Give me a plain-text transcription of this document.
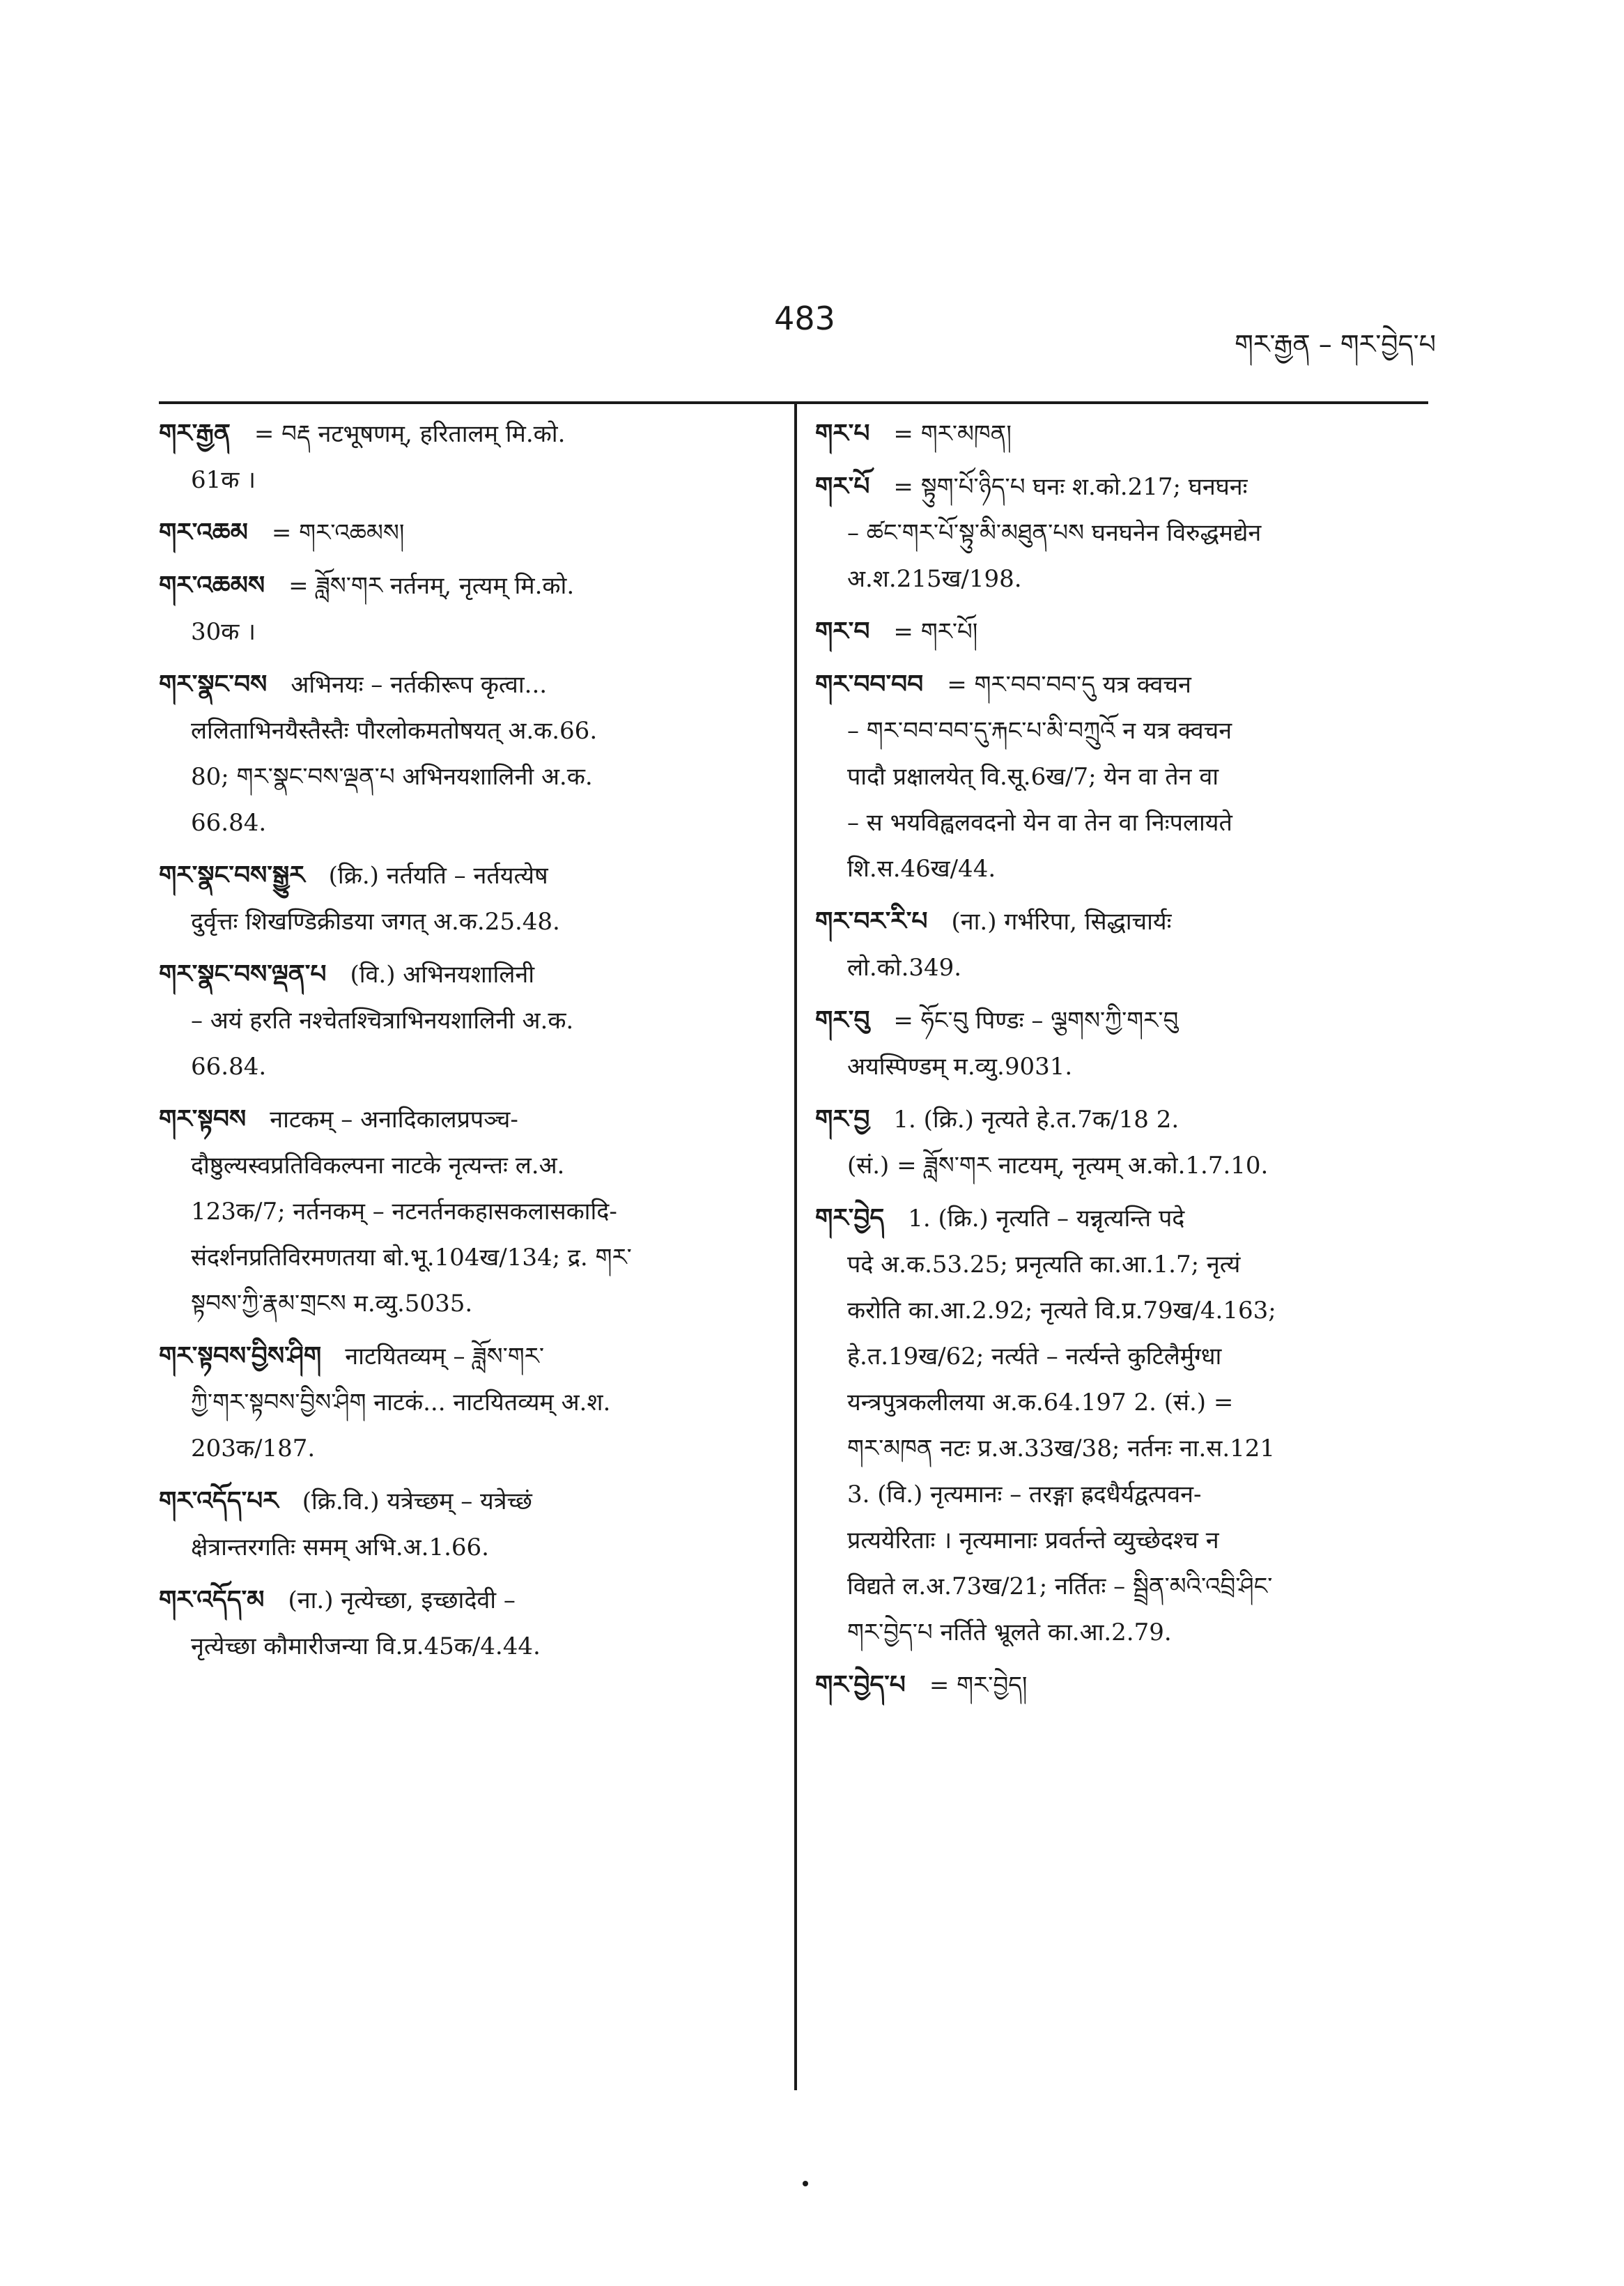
483
གར་རྒྱན – གར་བྱེད་པ
གར་རྒྱན = བརྡ नटभूषणम्, हरितालम् मि.को.
61क ।
གར་འཆམ = གར་འཆམས།
གར་འཆམས = ཟློས་གར नर्तनम्, नृत्यम् मि.को.
30क ।
གར་སྣང་བས अभिनयः – नर्तकीरूप कृत्वा...
ललिताभिनयैस्तैस्तैः पौरलोकमतोषयत् अ.क.66.
80; གར་སྣང་བས་ལྡན་པ अभिनयशालिनी अ.क.
66.84.
གར་སྣང་བས་སྒྱུར (क्रि.) नर्तयति – नर्तयत्येष
दुर्वृत्तः शिखण्डिक्रीडया जगत् अ.क.25.48.
གར་སྣང་བས་ལྡན་པ (वि.) अभिनयशालिनी
– अयं हरति नश्चेतश्चित्राभिनयशालिनी अ.क.
66.84.
གར་སྟབས नाटकम् – अनादिकालप्रपञ्च-
दौष्ठुल्यस्वप्रतिविकल्पना नाटके नृत्यन्तः ल.अ.
123क/7; नर्तनकम् – नटनर्तनकहासकलासकादि-
संदर्शनप्रतिविरमणतया बो.भू.104ख/134; द्र. གར་
སྟབས་ཀྱི་རྣམ་གྲངས म.व्यु.5035.
གར་སྟབས་བྱིས་ཤིག नाटयितव्यम् – ཟློས་གར་
ཀྱི་གར་སྟབས་བྱིས་ཤིག नाटकं... नाटयितव्यम् अ.श.
203क/187.
གར་འདོད་པར (क्रि.वि.) यत्रेच्छम् – यत्रेच्छं
क्षेत्रान्तरगतिः समम् अभि.अ.1.66.
གར་འདོད་མ (ना.) नृत्येच्छा, इच्छादेवी –
नृत्येच्छा कौमारीजन्या वि.प्र.45क/4.44.
གར་པ = གར་མཁན།
གར་པོ = སྟུག་པོ་ཉིད་པ घनः श.को.217; घनघनः
– ཚང་གར་པོ་སྟུ་མི་མཐུན་པས घनघनेन विरुद्धमद्येन
अ.श.215ख/198.
གར་བ = གར་པོ།
གར་བབ་བབ = གར་བབ་བབ་དུ यत्र क्वचन
– གར་བབ་བབ་དུ་རྐང་པ་མི་བཀྲུའོ न यत्र क्वचन
पादौ प्रक्षालयेत् वि.सू.6ख/7; येन वा तेन वा
– स भयविह्वलवदनो येन वा तेन वा निःपलायते
शि.स.46ख/44.
གར་བར་རི་པ (ना.) गर्भरिपा, सिद्धाचार्यः
लो.को.349.
གར་བུ = ཧོང་བུ पिण्डः – ལྕགས་ཀྱི་གར་བུ
अयस्पिण्डम् म.व्यु.9031.
གར་བྱ 1. (क्रि.) नृत्यते हे.त.7क/18 2.
(सं.) = ཟློས་གར नाटयम्, नृत्यम् अ.को.1.7.10.
གར་བྱེད 1. (क्रि.) नृत्यति – यन्नृत्यन्ति पदे
पदे अ.क.53.25; प्रनृत्यति का.आ.1.7; नृत्यं
करोति का.आ.2.92; नृत्यते वि.प्र.79ख/4.163;
हे.त.19ख/62; नर्त्यते – नर्त्यन्ते कुटिलैर्मुग्धा
यन्त्रपुत्रकलीलया अ.क.64.197 2. (सं.) =
གར་མཁན नटः प्र.अ.33ख/38; नर्तनः ना.स.121
3. (वि.) नृत्यमानः – तरङ्गा ह्रदधैर्यद्वत्पवन-
प्रत्ययेरिताः । नृत्यमानाः प्रवर्तन्ते व्युच्छेदश्च न
विद्यते ल.अ.73ख/21; नर्तितः – སྦྲིན་མའི་འབྲི་ཤིང་
གར་བྱེད་པ नर्तिते भ्रूलते का.आ.2.79.
གར་བྱེད་པ = གར་བྱེད།
